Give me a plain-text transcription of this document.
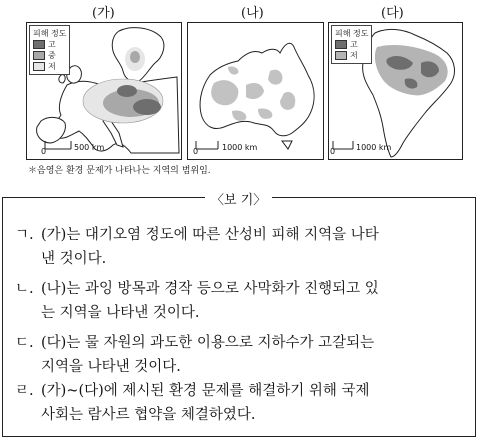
(가)	(나)	(다)
피해 정도
고
중
저
0	500 km	0	1000 km
피해 정도
고
저
0	1000 km
＊음영은 환경 문제가 나타나는 지역의 범위임.
〈보 기〉
ㄱ. (가)는 대기오염 정도에 따른 산성비 피해 지역을 나타
낸 것이다.
ㄴ. (나)는 과잉 방목과 경작 등으로 사막화가 진행되고 있
는 지역을 나타낸 것이다.
ㄷ. (다)는 물 자원의 과도한 이용으로 지하수가 고갈되는
지역을 나타낸 것이다.
ㄹ. (가)~(다)에 제시된 환경 문제를 해결하기 위해 국제
사회는 람사르 협약을 체결하였다.
